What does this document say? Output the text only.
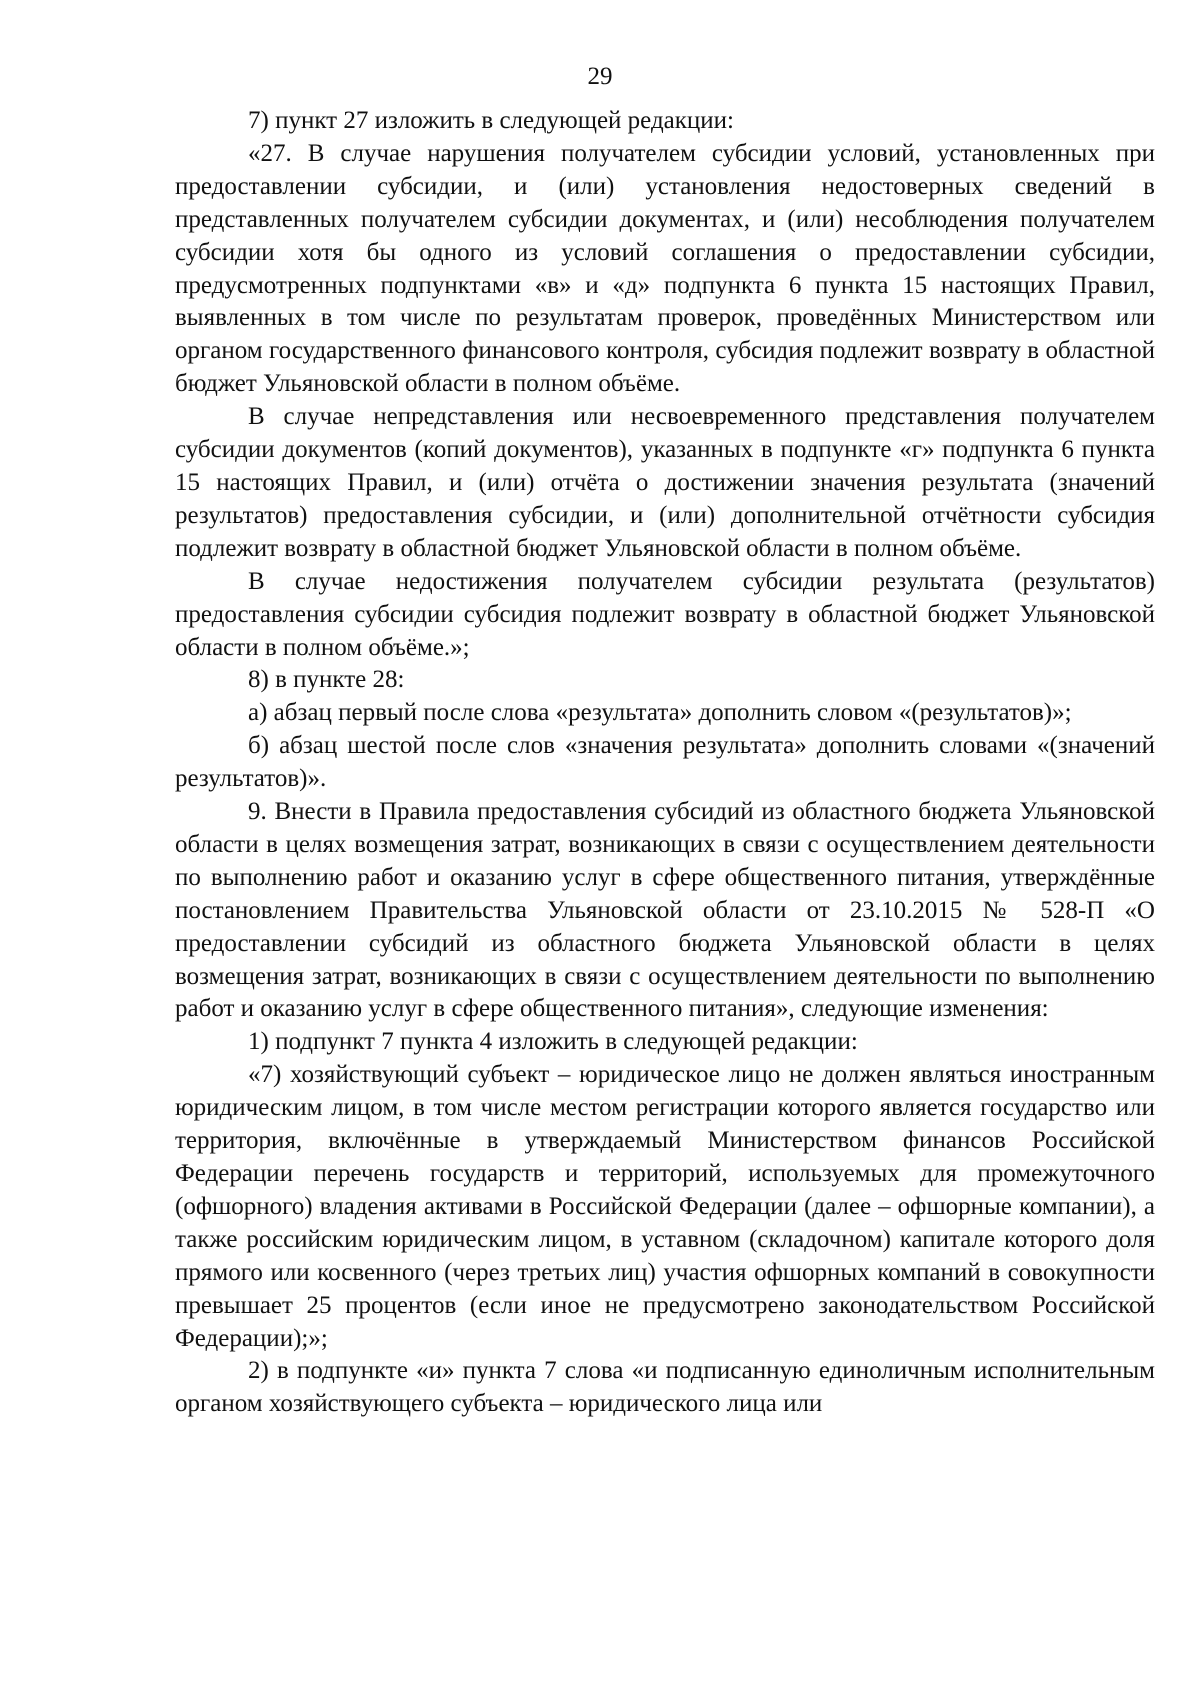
29

7) пункт 27 изложить в следующей редакции:

«27. В случае нарушения получателем субсидии условий, установленных при предоставлении субсидии, и (или) установления недостоверных сведений в представленных получателем субсидии документах, и (или) несоблюдения получателем субсидии хотя бы одного из условий соглашения о предоставлении субсидии, предусмотренных подпунктами «в» и «д» подпункта 6 пункта 15 настоящих Правил, выявленных в том числе по результатам проверок, проведённых Министерством или органом государственного финансового контроля, субсидия подлежит возврату в областной бюджет Ульяновской области в полном объёме.

В случае непредставления или несвоевременного представления получателем субсидии документов (копий документов), указанных в подпункте «г» подпункта 6 пункта 15 настоящих Правил, и (или) отчёта о достижении значения результата (значений результатов) предоставления субсидии, и (или) дополнительной отчётности субсидия подлежит возврату в областной бюджет Ульяновской области в полном объёме.

В случае недостижения получателем субсидии результата (результатов) предоставления субсидии субсидия подлежит возврату в областной бюджет Ульяновской области в полном объёме.»;

8) в пункте 28:

а) абзац первый после слова «результата» дополнить словом «(результатов)»;

б) абзац шестой после слов «значения результата» дополнить словами «(значений результатов)».

9. Внести в Правила предоставления субсидий из областного бюджета Ульяновской области в целях возмещения затрат, возникающих в связи с осуществлением деятельности по выполнению работ и оказанию услуг в сфере общественного питания, утверждённые постановлением Правительства Ульяновской области от 23.10.2015 № 528-П «О предоставлении субсидий из областного бюджета Ульяновской области в целях возмещения затрат, возникающих в связи с осуществлением деятельности по выполнению работ и оказанию услуг в сфере общественного питания», следующие изменения:

1) подпункт 7 пункта 4 изложить в следующей редакции:

«7) хозяйствующий субъект – юридическое лицо не должен являться иностранным юридическим лицом, в том числе местом регистрации которого является государство или территория, включённые в утверждаемый Министерством финансов Российской Федерации перечень государств и территорий, используемых для промежуточного (офшорного) владения активами в Российской Федерации (далее – офшорные компании), а также российским юридическим лицом, в уставном (складочном) капитале которого доля прямого или косвенного (через третьих лиц) участия офшорных компаний в совокупности превышает 25 процентов (если иное не предусмотрено законодательством Российской Федерации);»;

2) в подпункте «и» пункта 7 слова «и подписанную единоличным исполнительным органом хозяйствующего субъекта – юридического лица или
